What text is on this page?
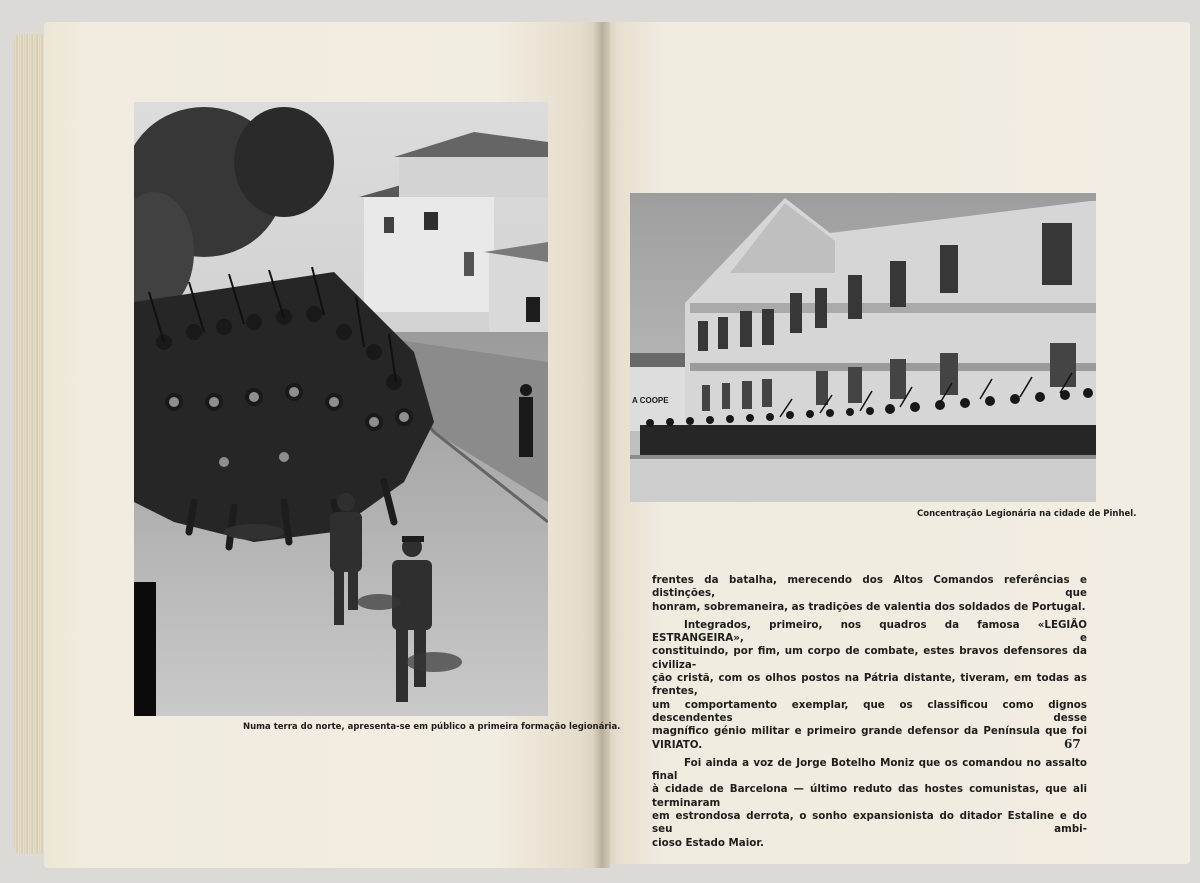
Numa terra do norte, apresenta-se em público a primeira formação legionária.
A COOPE
Concentração Legionária na cidade de Pinhel.

frentes da batalha, merecendo dos Altos Comandos referências e distinções, que
honram, sobremaneira, as tradições de valentia dos soldados de Portugal.

Integrados, primeiro, nos quadros da famosa «LEGIÃO ESTRANGEIRA», e
constituindo, por fim, um corpo de combate, estes bravos defensores da civiliza-
ção cristã, com os olhos postos na Pátria distante, tiveram, em todas as frentes,
um comportamento exemplar, que os classificou como dignos descendentes desse
magnífico génio militar e primeiro grande defensor da Península que foi VIRIATO.

Foi ainda a voz de Jorge Botelho Moniz que os comandou no assalto final
à cidade de Barcelona — último reduto das hostes comunistas, que ali terminaram
em estrondosa derrota, o sonho expansionista do ditador Estaline e do seu ambi-
cioso Estado Maior.

67
